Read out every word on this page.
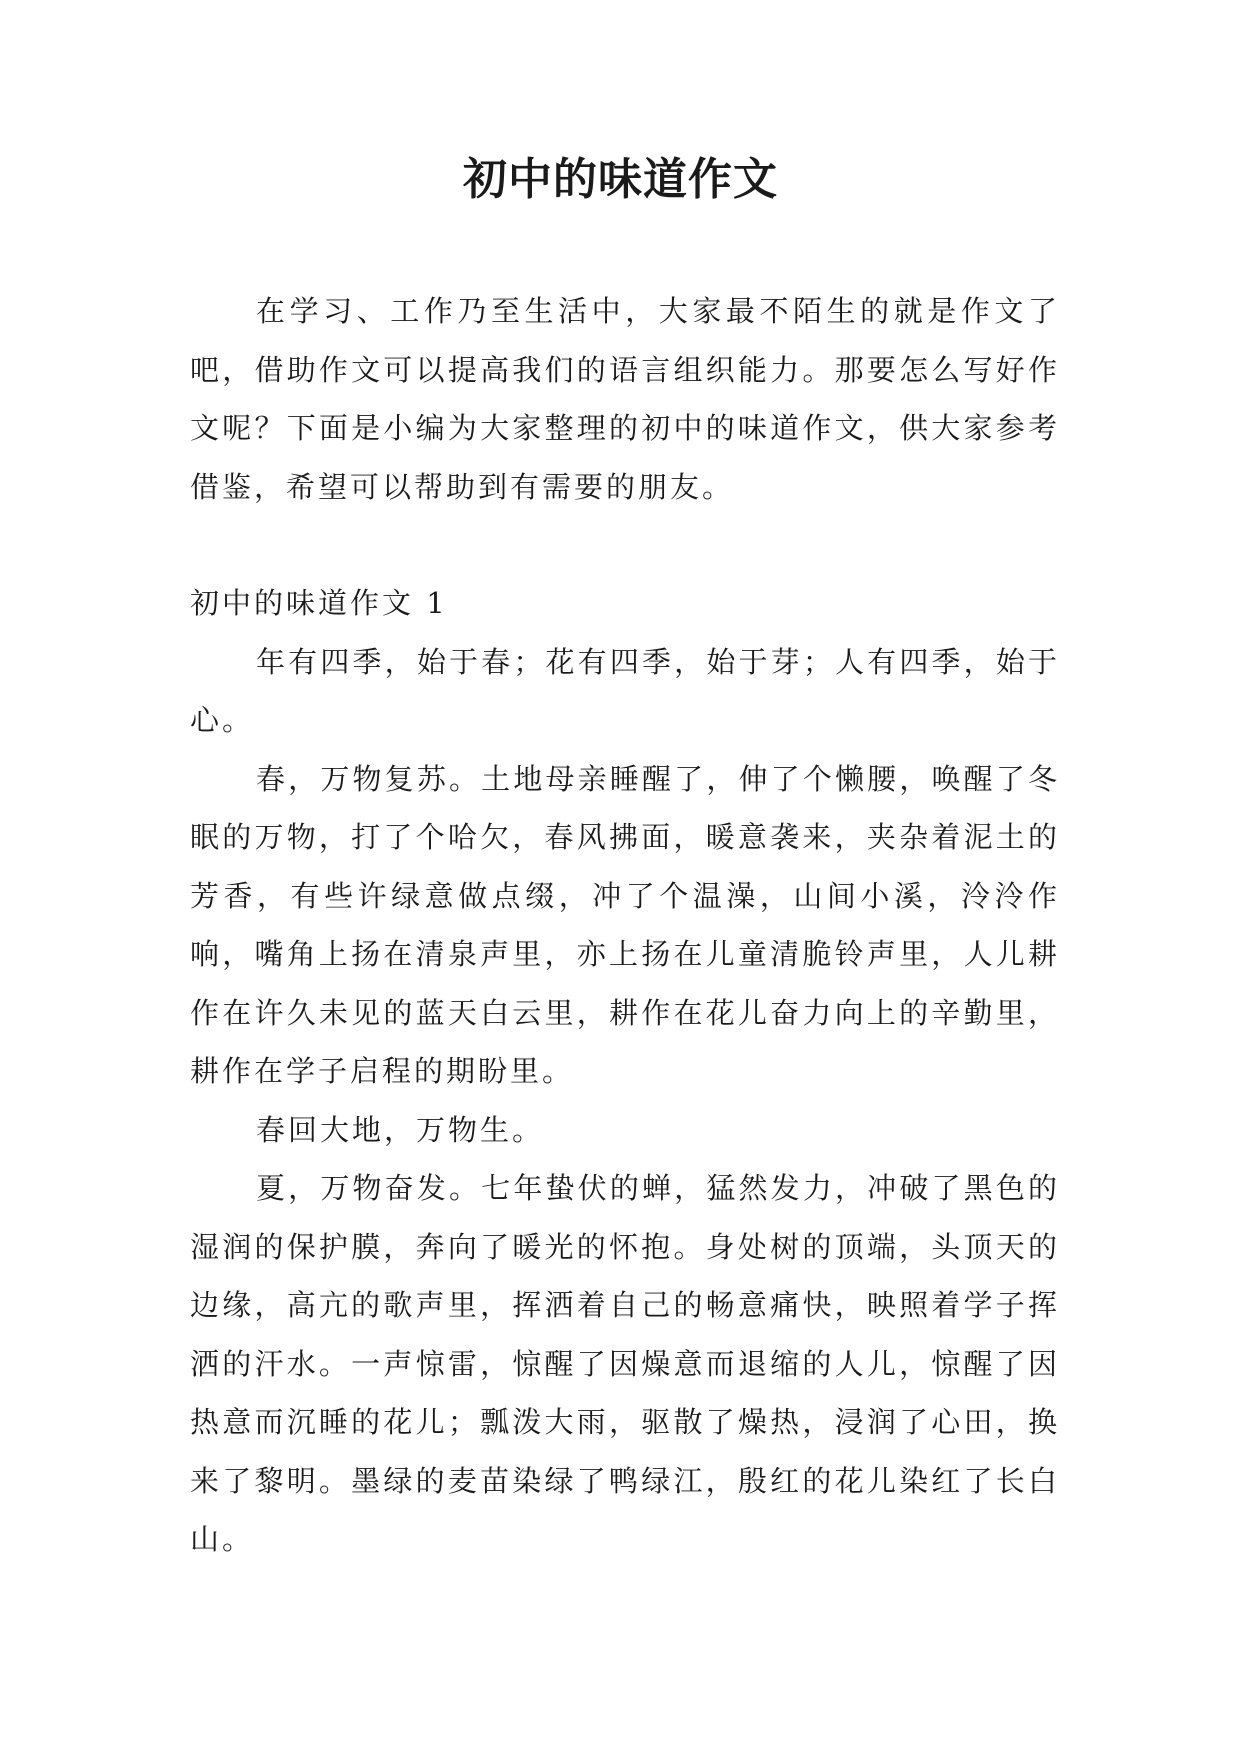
初中的味道作文

在学习、工作乃至生活中，大家最不陌生的就是作文了吧，借助作文可以提高我们的语言组织能力。那要怎么写好作文呢？下面是小编为大家整理的初中的味道作文，供大家参考借鉴，希望可以帮助到有需要的朋友。

初中的味道作文 1

年有四季，始于春；花有四季，始于芽；人有四季，始于心。

春，万物复苏。土地母亲睡醒了，伸了个懒腰，唤醒了冬眠的万物，打了个哈欠，春风拂面，暖意袭来，夹杂着泥土的芳香，有些许绿意做点缀，冲了个温澡，山间小溪，泠泠作响，嘴角上扬在清泉声里，亦上扬在儿童清脆铃声里，人儿耕作在许久未见的蓝天白云里，耕作在花儿奋力向上的辛勤里，耕作在学子启程的期盼里。

春回大地，万物生。

夏，万物奋发。七年蛰伏的蝉，猛然发力，冲破了黑色的湿润的保护膜，奔向了暖光的怀抱。身处树的顶端，头顶天的边缘，高亢的歌声里，挥洒着自己的畅意痛快，映照着学子挥洒的汗水。一声惊雷，惊醒了因燥意而退缩的人儿，惊醒了因热意而沉睡的花儿；瓢泼大雨，驱散了燥热，浸润了心田，换来了黎明。墨绿的麦苗染绿了鸭绿江，殷红的花儿染红了长白山。
